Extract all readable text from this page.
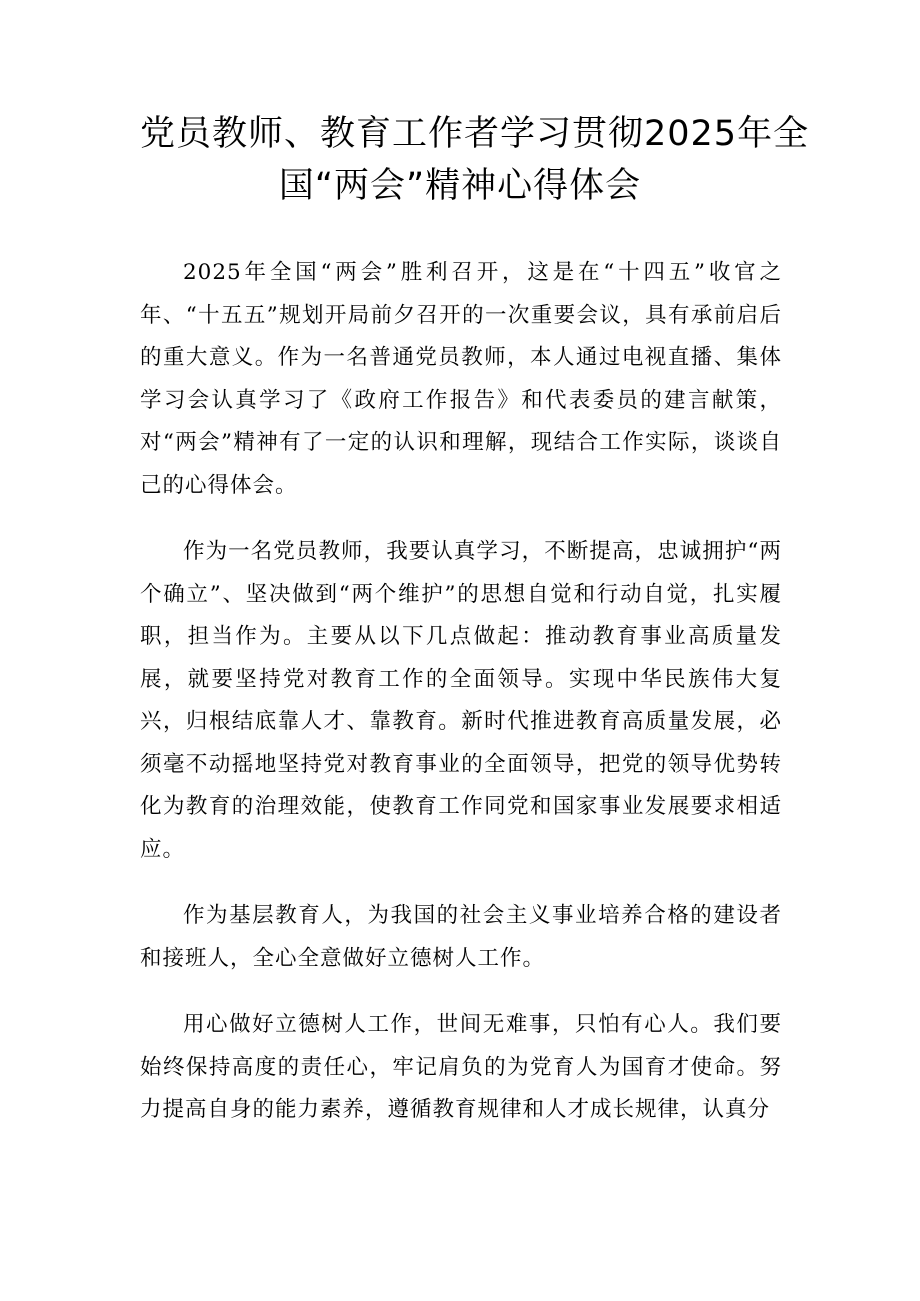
党员教师、教育工作者学习贯彻2025年全
国“两会”精神心得体会

2025年全国“两会”胜利召开，这是在“十四五”收官之年、“十五五”规划开局前夕召开的一次重要会议，具有承前启后的重大意义。作为一名普通党员教师，本人通过电视直播、集体学习会认真学习了《政府工作报告》和代表委员的建言献策，对“两会”精神有了一定的认识和理解，现结合工作实际，谈谈自己的心得体会。

作为一名党员教师，我要认真学习，不断提高，忠诚拥护“两个确立”、坚决做到“两个维护”的思想自觉和行动自觉，扎实履职，担当作为。主要从以下几点做起：推动教育事业高质量发展，就要坚持党对教育工作的全面领导。实现中华民族伟大复兴，归根结底靠人才、靠教育。新时代推进教育高质量发展，必须毫不动摇地坚持党对教育事业的全面领导，把党的领导优势转化为教育的治理效能，使教育工作同党和国家事业发展要求相适应。

作为基层教育人，为我国的社会主义事业培养合格的建设者和接班人，全心全意做好立德树人工作。

用心做好立德树人工作，世间无难事，只怕有心人。我们要始终保持高度的责任心，牢记肩负的为党育人为国育才使命。努力提高自身的能力素养，遵循教育规律和人才成长规律，认真分
